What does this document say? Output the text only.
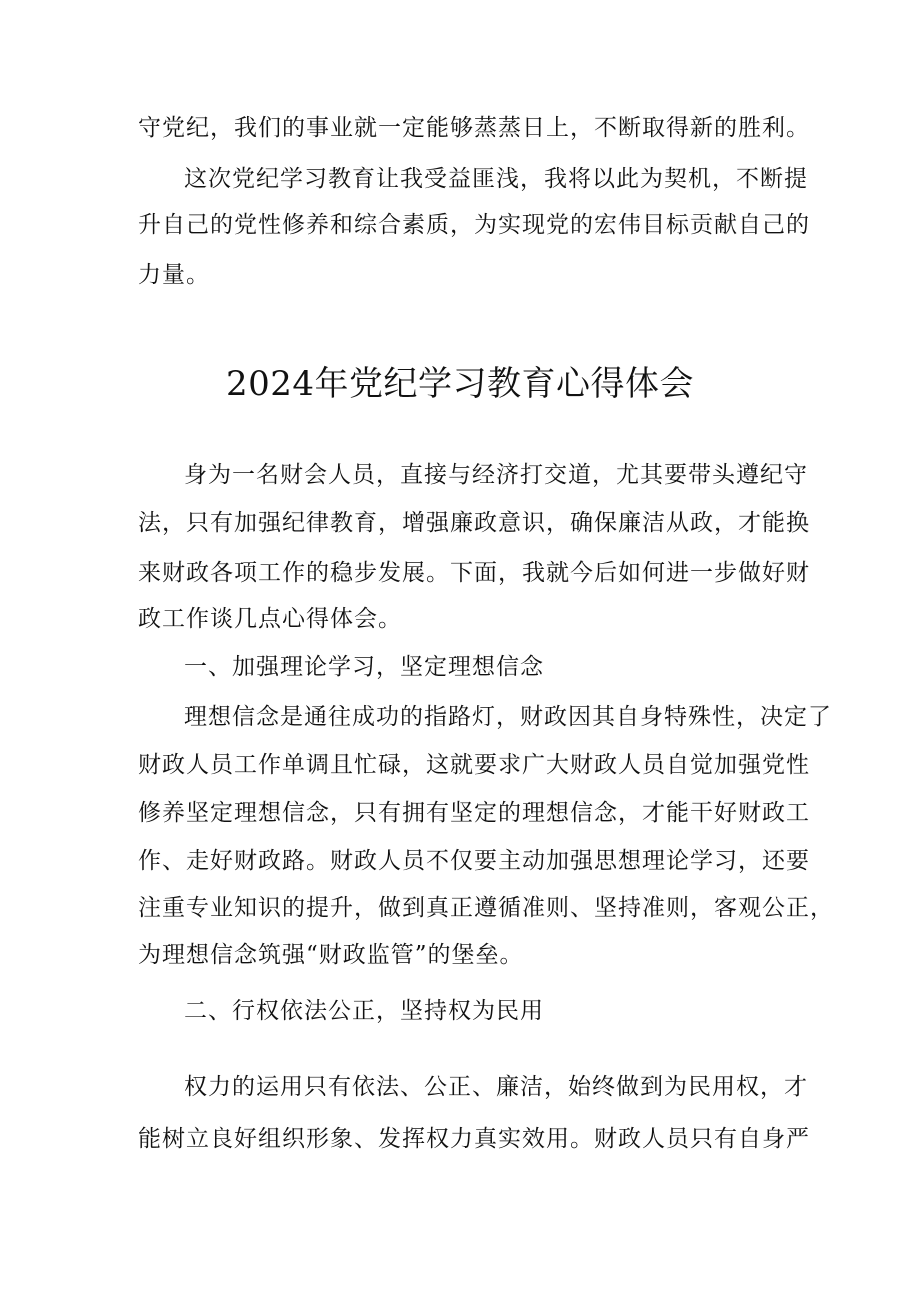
守党纪，我们的事业就一定能够蒸蒸日上，不断取得新的胜利。
这次党纪学习教育让我受益匪浅，我将以此为契机，不断提
升自己的党性修养和综合素质，为实现党的宏伟目标贡献自己的
力量。
2024年党纪学习教育心得体会
身为一名财会人员，直接与经济打交道，尤其要带头遵纪守
法，只有加强纪律教育，增强廉政意识，确保廉洁从政，才能换
来财政各项工作的稳步发展。下面，我就今后如何进一步做好财
政工作谈几点心得体会。
一、加强理论学习，坚定理想信念
理想信念是通往成功的指路灯，财政因其自身特殊性，决定了
财政人员工作单调且忙碌，这就要求广大财政人员自觉加强党性
修养坚定理想信念，只有拥有坚定的理想信念，才能干好财政工
作、走好财政路。财政人员不仅要主动加强思想理论学习，还要
注重专业知识的提升，做到真正遵循准则、坚持准则，客观公正，
为理想信念筑强“财政监管”的堡垒。
二、行权依法公正，坚持权为民用
权力的运用只有依法、公正、廉洁，始终做到为民用权，才
能树立良好组织形象、发挥权力真实效用。财政人员只有自身严
